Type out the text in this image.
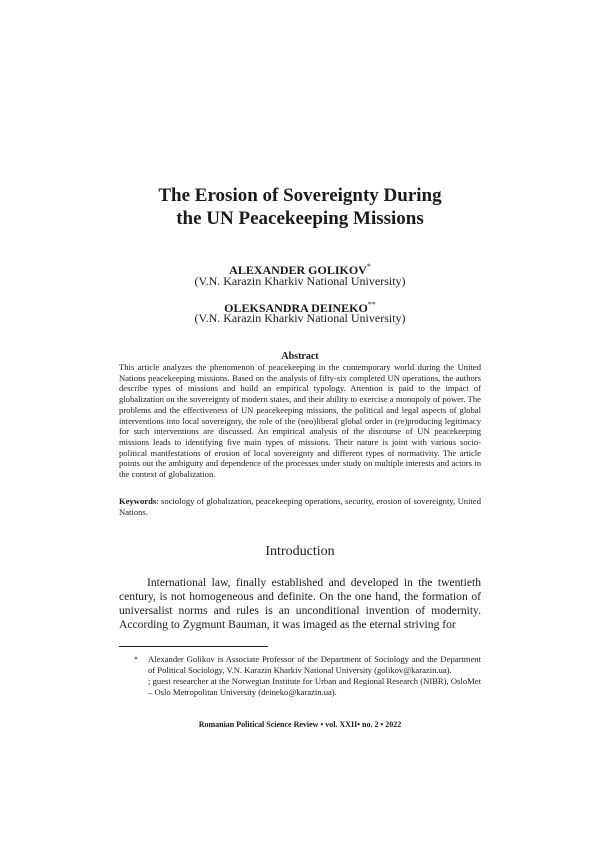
The Erosion of Sovereignty During
the UN Peacekeeping Missions
ALEXANDER GOLIKOV*
(V.N. Karazin Kharkiv National University)
OLEKSANDRA DEINEKO**
(V.N. Karazin Kharkiv National University)
Abstract

This article analyzes the phenomenon of peacekeeping in the contemporary world during the United Nations peacekeeping missions. Based on the analysis of fifty-six completed UN operations, the authors describe types of missions and build an empirical typology. Attention is paid to the impact of globalization on the sovereignty of modern states, and their ability to exercise a monopoly of power. The problems and the effectiveness of UN peacekeeping missions, the political and legal aspects of global interventions into local sovereignty, the role of the (neo)liberal global order in (re)producing legitimacy for such interventions are discussed. An empirical analysis of the discourse of UN peacekeeping missions leads to identifying five main types of missions. Their nature is joint with various socio-political manifestations of erosion of local sovereignty and different types of normativity. The article points out the ambiguity and dependence of the processes under study on multiple interests and actors in the context of globalization.

Keywords: sociology of globalization, peacekeeping operations, security, erosion of sovereignty, United Nations.

Introduction

International law, finally established and developed in the twentieth century, is not homogeneous and definite. On the one hand, the formation of universalist norms and rules is an unconditional invention of modernity. According to Zygmunt Bauman, it was imaged as the eternal striving for

* Alexander Golikov is Associate Professor of the Department of Sociology and the Department of Political Sociology, V.N. Karazin Kharkiv National University (golikov@karazin.ua).
; guest researcher at the Norwegian Institute for Urban and Regional Research (NIBR), OsloMet – Oslo Metropolitan University (deineko@karazin.ua).
Romanian Political Science Review • vol. XXII• no. 2 • 2022
